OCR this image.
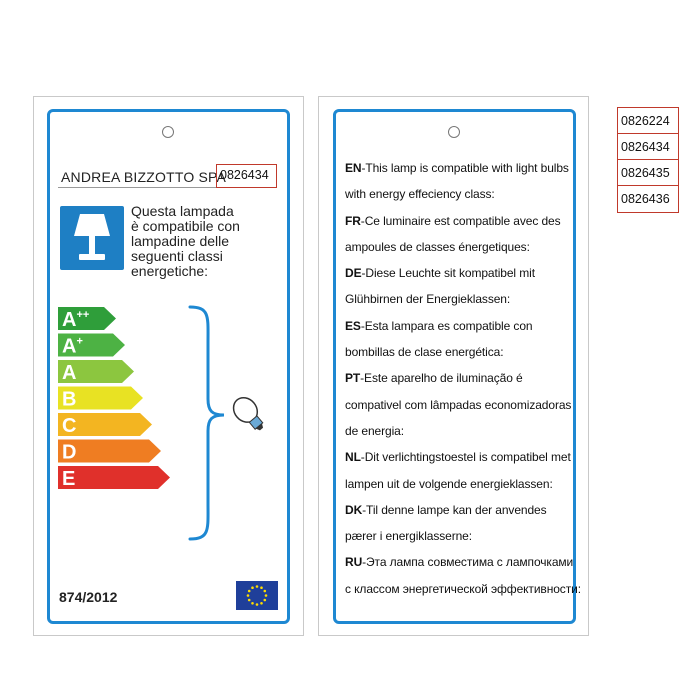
ANDREA BIZZOTTO SPA
0826434
Questa lampada
è compatibile con
lampadine delle
seguenti classi
energetiche:
E
D
C
B
A
A+
A++
874/2012
EN-This lamp is compatible with light bulbs
with energy effeciency class:
FR-Ce luminaire est compatible avec des
ampoules de classes énergetiques:
DE-Diese Leuchte sit kompatibel mit
Glühbirnen der Energieklassen:
ES-Esta lampara es compatible con
bombillas de clase energética:
PT-Este aparelho de iluminação é
compativel com lâmpadas economizadoras
de energia:
NL-Dit verlichtingstoestel is compatibel met
lampen uit de volgende energieklassen:
DK-Til denne lampe kan der anvendes
pærer i energiklasserne:
RU-Эта лампа совместима с лампочками
с классом энергетической эффективности:
0826224
0826434
0826435
0826436
